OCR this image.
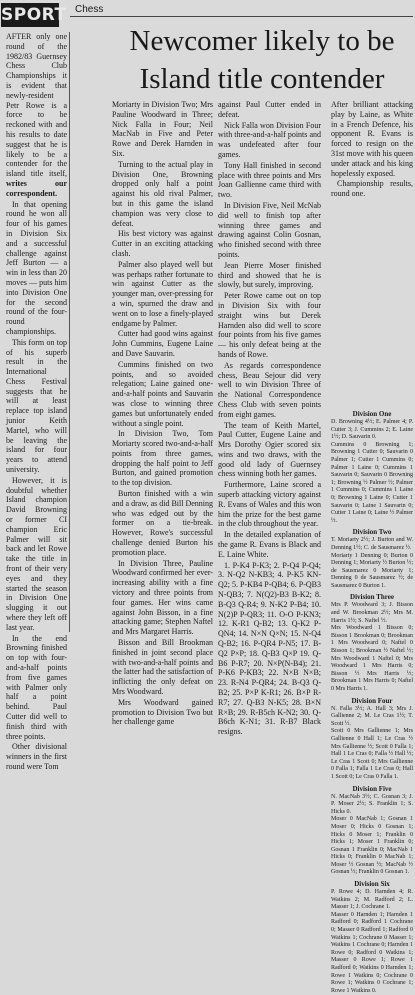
SPORT Chess
Newcomer likely to be Island title contender

AFTER only one round of the 1982/83 Guernsey Chess Club Championships it is evident that newly-resident Petr Rowe is a force to be reckoned with and his results to date suggest that he is likely to be a contender for the island title itself, writes our correspondent.

In that opening round he won all four of his games in Division Six and a successful challenge against Jeff Burton — a win in less than 20 moves — puts him into Division One for the second round of the four-round championships.

This form on top of his superb result in the International Chess Festival suggests that he will at least replace top island junior Keith Martel, who will be leaving the island for four years to attend university.

However, it is doubtful whether Island champion David Browning or former CI champion Eric Palmer will sit back and let Rowe take the title in front of their very eyes and they started the season in Division One slugging it out where they left off last year.

In the end Browning finished on top with four-and-a-half points from five games with Palmer only half a point behind. Paul Cutter did well to finish third with three points.

Other divisional winners in the first round were Tom

Moriarty in Division Two; Mrs Pauline Woodward in Three; Nick Falla in Four; Neil MacNab in Five and Peter Rowe and Derek Harnden in Six.

Turning to the actual play in Division One, Browning dropped only half a point against his old rival Palmer, but in this game the island champion was very close to defeat.

His best victory was against Cutter in an exciting attacking clash.

Palmer also played well but was perhaps rather fortunate to win against Cutter as the younger man, over-pressing for a win, spurned the draw and went on to lose a finely-played endgame by Palmer.

Cutter had good wins against John Cummins, Eugene Laine and Dave Sauvarin.

Cummins finished on two points, and so avoided relegation; Laine gained one-and-a-half points and Sauvarin was close to winning three games but unfortunately ended without a single point.

In Division Two, Tom Moriarty scored two-and-a-half points from three games, dropping the half point to Jeff Burton, and gained promotion to the top division.

Burton finished with a win and a draw, as did Bill Denning who was edged out by the former on a tie-break. However, Rowe's successful challenge denied Burton his promotion place.

In Division Three, Pauline Woodward confirmed her ever-increasing ability with a fine victory and three points from four games. Her wins came against John Bisson, in a fine attacking game; Stephen Naftel and Mrs Margaret Harris.

Bisson and Bill Brookman finished in joint second place with two-and-a-half points and the latter had the satisfaction of inflicting the only defeat on Mrs Woodward.

Mrs Woodward gained promotion to Division Two but her challenge game

against Paul Cutter ended in defeat.

Nick Falla won Division Four with three-and-a-half points and was undefeated after four games.

Tony Hall finished in second place with three points and Mrs Joan Gallienne came third with two.

In Division Five, Neil McNab did well to finish top after winning three games and drawing against Colin Gosnan, who finished second with three points.

Jean Pierre Moser finished third and showed that he is slowly, but surely, improving.

Peter Rowe came out on top in Division Six with four straight wins but Derek Harnden also did well to score four points from his five games — his only defeat being at the hands of Rowe.

As regards correspondence chess, Beau Sejour did very well to win Division Three of the National Correspondence Chess Club with seven points from eight games.

The team of Keith Martel, Paul Cutter, Eugene Laine and Mrs Dorothy Ogier scored six wins and two draws, with the good old lady of Guernsey chess winning both her games.

Furthermore, Laine scored a superb attacking victory against R. Evans of Wales and this won him the prize for the best game in the club throughout the year.

In the detailed explanation of the game R. Evans is Black and E. Laine White.

1. P-K4 P-K3; 2. P-Q4 P-Q4; 3. N-Q2 N-KB3; 4. P-K5 KN-Q2; 5. P-KB4 P-QB4; 6. P-QB3 N-QB3; 7. N(Q2)-B3 B-K2; 8. B-Q3 Q-R4; 9. N-K2 P-B4; 10. N(2)P P-QR3; 11. O-O P-KN3; 12. K-R1 Q-B2; 13. Q-K2 P-QN4; 14. N×N Q×N; 15. N-Q4 Q-B2; 16. P-QR4 P-N5; 17. B-Q2 P×P; 18. Q-B3 Q×P 19. Q-B6 P-R7; 20. N×P(N-B4); 21. P-K6 P-KB3; 22. N×B N×B; 23. R-N4 P-QR4; 24. B-Q3 Q-B2; 25. P×P K-R1; 26. B×P R-R7; 27. Q-B3 N-K5; 28. B×N R×B; 29. R-B5ch K-N2; 30. Q-B6ch K-N1; 31. R-B7 Black resigns.

After brilliant attacking play by Laine, as White in a French Defence, his opponent R. Evans is forced to resign on the 31st move with his queen under attack and his king hopelessly exposed.

Championship results, round one.

Division One
D. Browning 4½; E. Palmer 4; P. Cutter 3; J. Cummins 2; E. Laine 1½; D. Sauvarin 0.
Cummins 0 Browning 1; Browning 1 Cutter 0; Sauvarin 0 Palmer 1; Cutter 1 Cummins 0; Palmer 1 Laine 0; Cummins 1 Sauvarin 0; Sauvarin 0 Browning 1; Browning ½ Palmer ½; Palmer 1 Cummins 0; Cummins 1 Laine 0; Browning 1 Laine 0; Cutter 1 Sauvarin 0; Laine 1 Sauvarin 0; Cutter 1 Laine 0; Laine ½ Palmer ½.
Division Two
T. Moriarty 2½; J. Burton and W. Denning 1½; C. de Sausmarez ½.
Moriarty 1 Denning 0; Burton 0 Denning 1; Moriarty ½ Burton ½; de Sausmarez 0 Moriarty 1; Denning 0 de Sausmarez ½; de Sausmarez 0 Burton 1.
Division Three
Mrs P. Woodward 3; J. Bisson and W. Brookman 2½; Mrs M. Harris 1½; S. Naftel ½.
Mrs Woodward 1 Bisson 0; Bisson 1 Brookman 0; Brookman 1 Mrs Woodward 0; Naftel 0 Bisson 1; Brookman ½ Naftel ½; Mrs Woodward 1 Naftel 0; Mrs Woodward 1 Mrs Harris 0; Bisson ½ Mrs Harris ½; Brookman 1 Mrs Harris 0; Naftel 0 Mrs Harris 1.
Division Four
N. Falla 3½; A. Hall 3; Mrs J. Gallienne 2; M. Le Cras 1½; T. Scott ½.
Scott 0 Mrs Gallienne 1; Mrs Gallienne 0 Hall 1; Le Cras ½ Mrs Gallienne ½; Scott 0 Falla 1; Hall 1 Le Cras 0; Falla ½ Hall ½; Le Cras 1 Scott 0; Mrs Gallienne 0 Falla 1; Falla 1 Le Cras 0; Hall 1 Scott 0; Le Cras 0 Falla 1.
Division Five
N. MacNab 3½; C. Gosnan 3; J. P. Moser 2½; S. Franklin 1; S. Hicks 0.
Moser 0 MacNab 1; Gosnan 1 Moser 0; Hicks 0 Gosnan 1; Hicks 0 Moser 1; Franklin 0 Hicks 1; Moser 1 Franklin 0; Gosnan 1 Franklin 0; MacNab 1 Hicks 0; Franklin 0 MacNab 1; Moser ½ Gosnan ½; MacNab ½ Gosnan ½; Franklin 0 Gosnan 1.
Division Six
P. Rowe 4; D. Harnden 4; R. Watkins 2; M. Radford 2; L. Masser 1; J. Cochrane 1.
Masser 0 Harnden 1; Harnden 1 Radford 0; Radford 1 Cochrane 0; Masser 0 Radford 1; Radford 0 Watkins 1; Cochrane 0 Masser 1; Watkins 1 Cochrane 0; Harnden 1 Rowe 0; Radford 0 Watkins 1; Masser 0 Rowe 1; Rowe 1 Radford 0; Watkins 0 Harnden 1; Rowe 1 Watkins 0; Cochrane 0 Rowe 1; Watkins 0 Cochrane 1; Rowe 1 Watkins 0.
